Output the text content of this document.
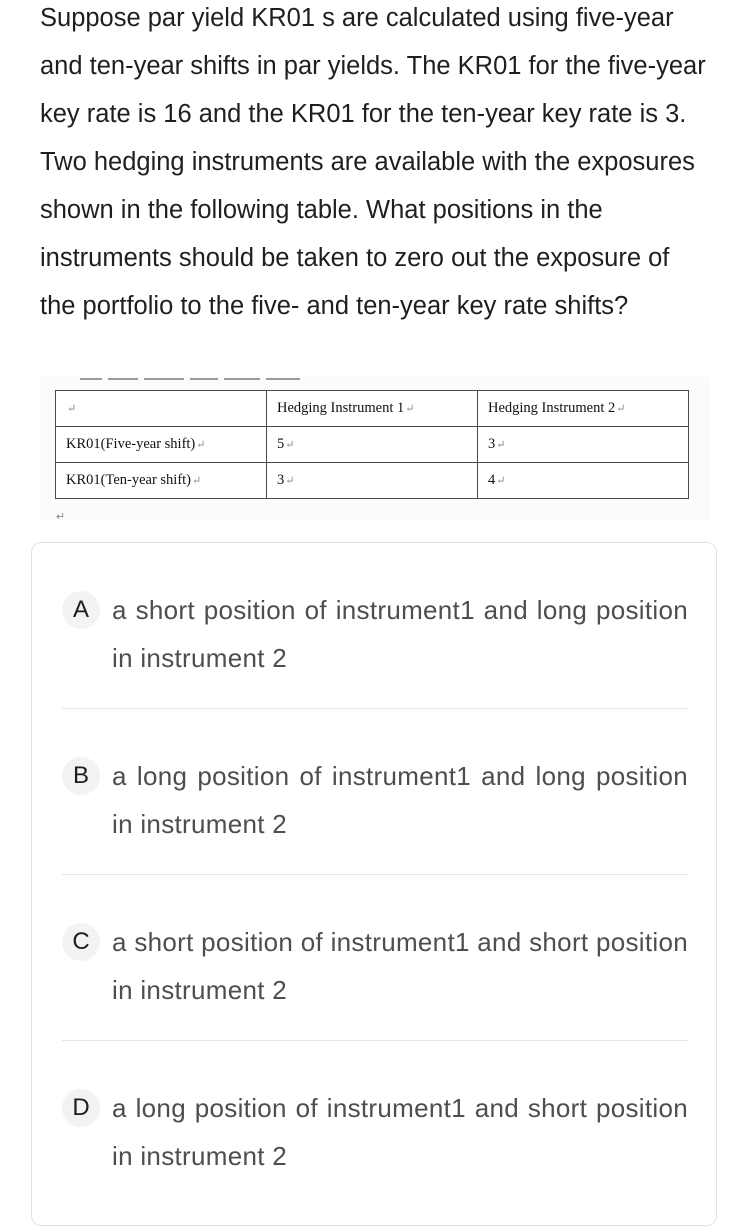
Suppose par yield KR01 s are calculated using five-year and ten-year shifts in par yields. The KR01 for the five-year key rate is 16 and the KR01 for the ten-year key rate is 3. Two hedging instruments are available with the exposures shown in the following table. What positions in the instruments should be taken to zero out the exposure of the portfolio to the five- and ten-year key rate shifts?

↵	Hedging Instrument 1↵	Hedging Instrument 2↵
KR01(Five-year shift)↵	5↵	3↵
KR01(Ten-year shift)↵	3↵	4↵
↵
A a short position of instrument1 and long position in instrument 2
B a long position of instrument1 and long position in instrument 2
C a short position of instrument1 and short position in instrument 2
D a long position of instrument1 and short position in instrument 2
